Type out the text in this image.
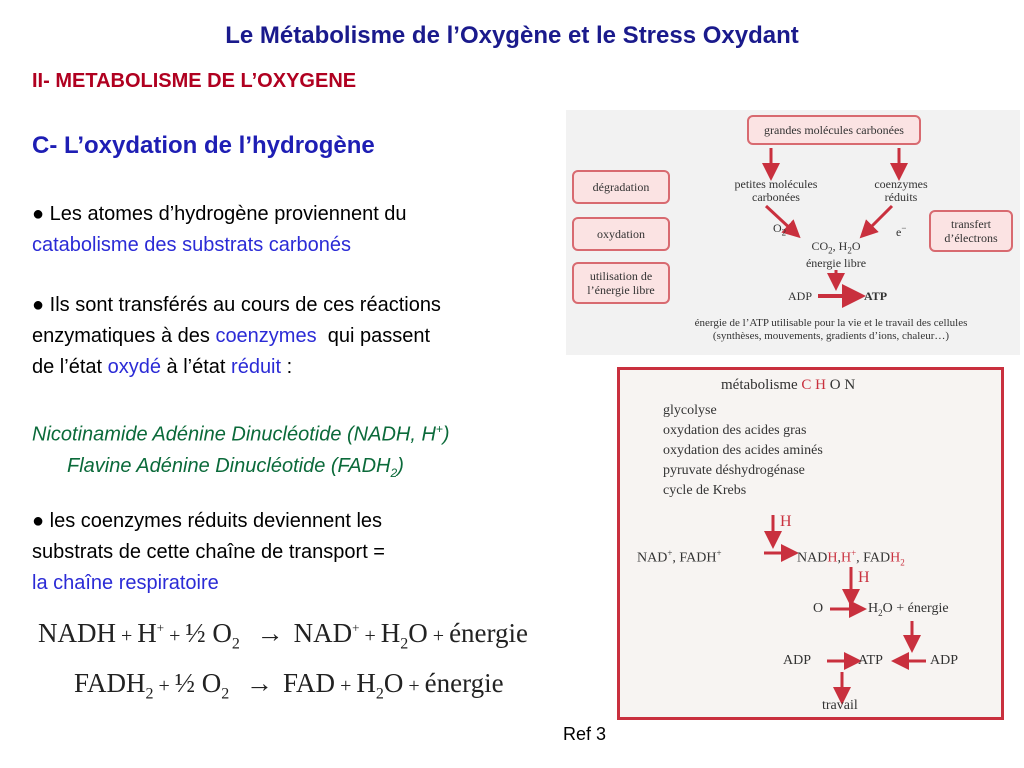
Le Métabolisme de l’Oxygène et le Stress Oxydant
II- METABOLISME DE L’OXYGENE
C- L’oxydation de l’hydrogène
● Les atomes d’hydrogène proviennent du
catabolisme des substrats carbonés
● Ils sont transférés au cours de ces réactions
enzymatiques à des coenzymes  qui passent
de l’état oxydé à l’état réduit :
Nicotinamide Adénine Dinucléotide (NADH, H+)
Flavine Adénine Dinucléotide $(FADH_2)$
● les coenzymes réduits deviennent les
substrats de cette chaîne de transport =
la chaîne respiratoire
NADH + H+ + ½ $O_2 \to NAD^+ + H_2O$ + énergie
$FADH_2$ + ½ $O_2$ → FAD + $H_2O$ + énergie
Ref 3
grandes molécules carbonées
dégradation
oxydation
utilisation de
l’énergie libre
transfert
d’électrons
petites molécules
carbonées
coenzymes
réduits
$O_2$	e−
$CO_2$, $H_2O$
énergie libre
ADP	ATP
énergie de l’ATP utilisable pour la vie et le travail des cellules
(synthèses, mouvements, gradients d’ions, chaleur…)
métabolisme C H O N
glycolyse
oxydation des acides gras
oxydation des acides aminés
pyruvate déshydrogénase
cycle de Krebs
H
NAD+, FADH+	NADH,H+, $FADH_2$
H
O	$H_2O$ + énergie
ADP	ATP	ADP
travail
